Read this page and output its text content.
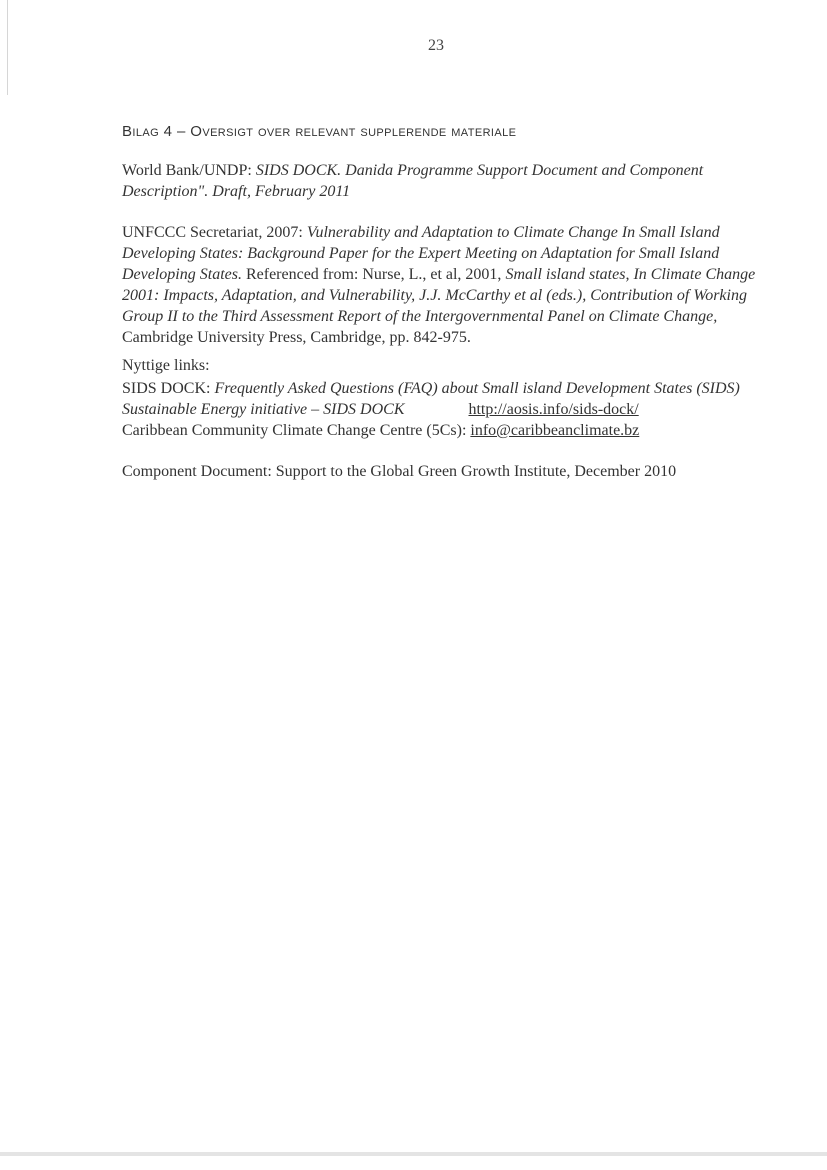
23
Bilag 4 – Oversigt over relevant supplerende materiale

World Bank/UNDP: SIDS DOCK. Danida Programme Support Document and Component Description". Draft, February 2011

UNFCCC Secretariat, 2007: Vulnerability and Adaptation to Climate Change In Small Island Developing States: Background Paper for the Expert Meeting on Adaptation for Small Island Developing States. Referenced from: Nurse, L., et al, 2001, Small island states, In Climate Change 2001: Impacts, Adaptation, and Vulnerability, J.J. McCarthy et al (eds.), Contribution of Working Group II to the Third Assessment Report of the Intergovernmental Panel on Climate Change, Cambridge University Press, Cambridge, pp. 842-975.

Nyttige links:

SIDS DOCK: Frequently Asked Questions (FAQ) about Small island Development States (SIDS) Sustainable Energy initiative – SIDS DOCK	http://aosis.info/sids-dock/

Caribbean Community Climate Change Centre (5Cs): info@caribbeanclimate.bz

Component Document: Support to the Global Green Growth Institute, December 2010
